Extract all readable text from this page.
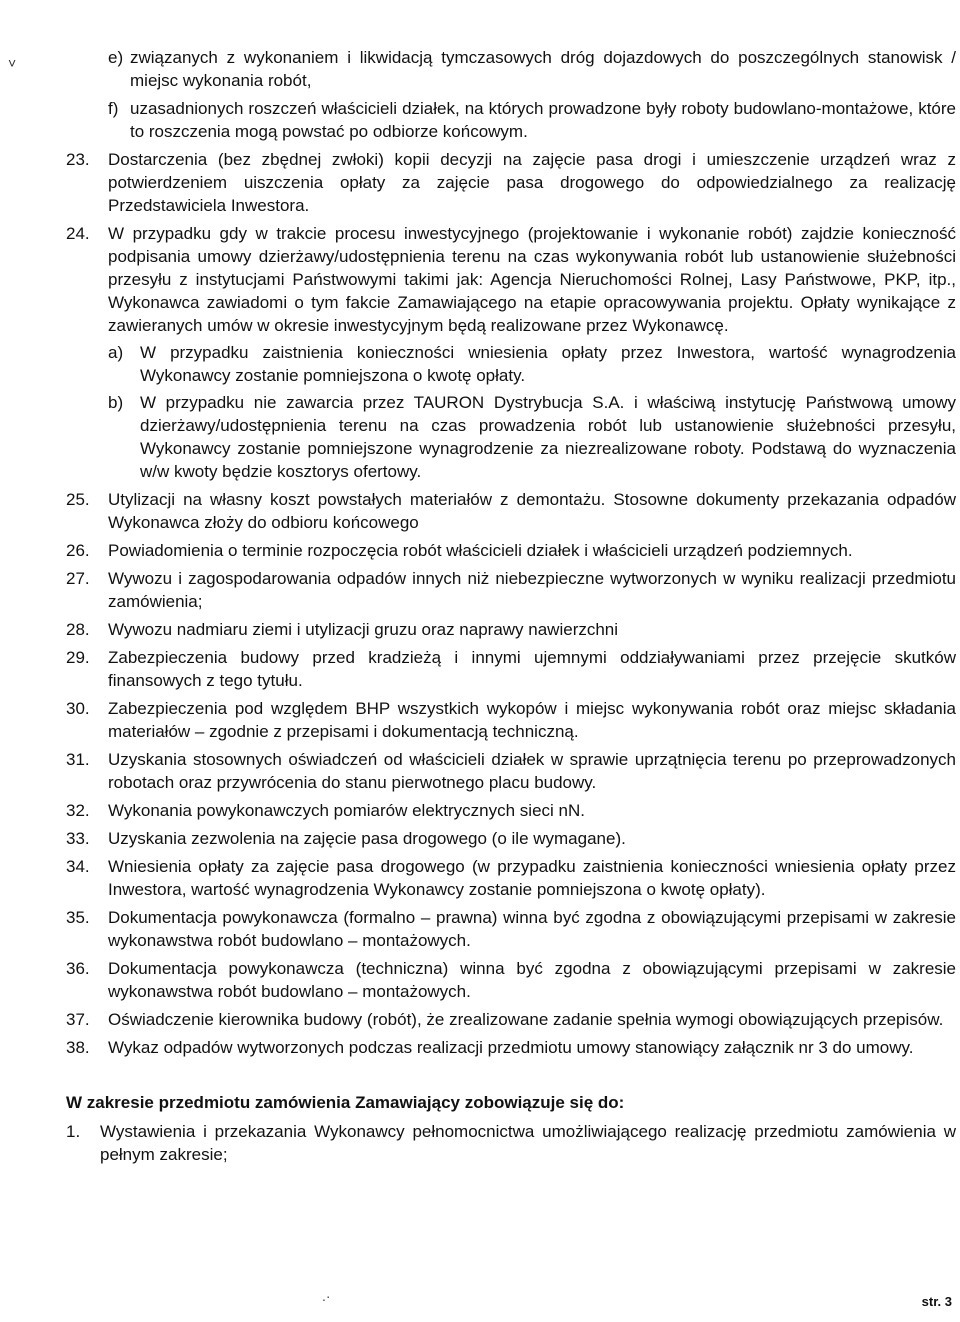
˅	e) związanych z wykonaniem i likwidacją tymczasowych dróg dojazdowych do poszczególnych stanowisk / miejsc wykonania robót,
f) uzasadnionych roszczeń właścicieli działek, na których prowadzone były roboty budowlano-montażowe, które to roszczenia mogą powstać po odbiorze końcowym.
23.	Dostarczenia (bez zbędnej zwłoki) kopii decyzji na zajęcie pasa drogi i umieszczenie urządzeń wraz z potwierdzeniem uiszczenia opłaty za zajęcie pasa drogowego do odpowiedzialnego za realizację Przedstawiciela Inwestora.
24.	W przypadku gdy w trakcie procesu inwestycyjnego (projektowanie i wykonanie robót) zajdzie konieczność podpisania umowy dzierżawy/udostępnienia terenu na czas wykonywania robót lub ustanowienie służebności przesyłu z instytucjami Państwowymi takimi jak: Agencja Nieruchomości Rolnej, Lasy Państwowe, PKP, itp., Wykonawca zawiadomi o tym fakcie Zamawiającego na etapie opracowywania projektu. Opłaty wynikające z zawieranych umów w okresie inwestycyjnym będą realizowane przez Wykonawcę.
a) W przypadku zaistnienia konieczności wniesienia opłaty przez Inwestora, wartość wynagrodzenia Wykonawcy zostanie pomniejszona o kwotę opłaty.
b) W przypadku nie zawarcia przez TAURON Dystrybucja S.A. i właściwą instytucję Państwową umowy dzierżawy/udostępnienia terenu na czas prowadzenia robót lub ustanowienie służebności przesyłu, Wykonawcy zostanie pomniejszone wynagrodzenie za niezrealizowane roboty. Podstawą do wyznaczenia w/w kwoty będzie kosztorys ofertowy.
25.	Utylizacji na własny koszt powstałych materiałów z demontażu. Stosowne dokumenty przekazania odpadów Wykonawca złoży do odbioru końcowego
26.	Powiadomienia o terminie rozpoczęcia robót właścicieli działek i właścicieli urządzeń podziemnych.
27.	Wywozu i zagospodarowania odpadów innych niż niebezpieczne wytworzonych w wyniku realizacji przedmiotu zamówienia;
28.	Wywozu nadmiaru ziemi i utylizacji gruzu oraz naprawy nawierzchni
29.	Zabezpieczenia budowy przed kradzieżą i innymi ujemnymi oddziaływaniami przez przejęcie skutków finansowych z tego tytułu.
30.	Zabezpieczenia pod względem BHP wszystkich wykopów i miejsc wykonywania robót oraz miejsc składania materiałów – zgodnie z przepisami i dokumentacją techniczną.
31.	Uzyskania stosownych oświadczeń od właścicieli działek w sprawie uprzątnięcia terenu po przeprowadzonych robotach oraz przywrócenia do stanu pierwotnego placu budowy.
32.	Wykonania powykonawczych pomiarów elektrycznych sieci nN.
33.	Uzyskania zezwolenia na zajęcie pasa drogowego (o ile wymagane).
34.	Wniesienia opłaty za zajęcie pasa drogowego (w przypadku zaistnienia konieczności wniesienia opłaty przez Inwestora, wartość wynagrodzenia Wykonawcy zostanie pomniejszona o kwotę opłaty).
35.	Dokumentacja powykonawcza (formalno – prawna) winna być zgodna z obowiązującymi przepisami w zakresie wykonawstwa robót budowlano – montażowych.
36.	Dokumentacja powykonawcza (techniczna) winna być zgodna z obowiązującymi przepisami w zakresie wykonawstwa robót budowlano – montażowych.
37.	Oświadczenie kierownika budowy (robót), że zrealizowane zadanie spełnia wymogi obowiązujących przepisów.
38.	Wykaz odpadów wytworzonych podczas realizacji przedmiotu umowy stanowiący załącznik nr 3 do umowy.
W zakresie przedmiotu zamówienia Zamawiający zobowiązuje się do:
1.	Wystawienia i przekazania Wykonawcy pełnomocnictwa umożliwiającego realizację przedmiotu zamówienia w pełnym zakresie;
.·	str. 3
